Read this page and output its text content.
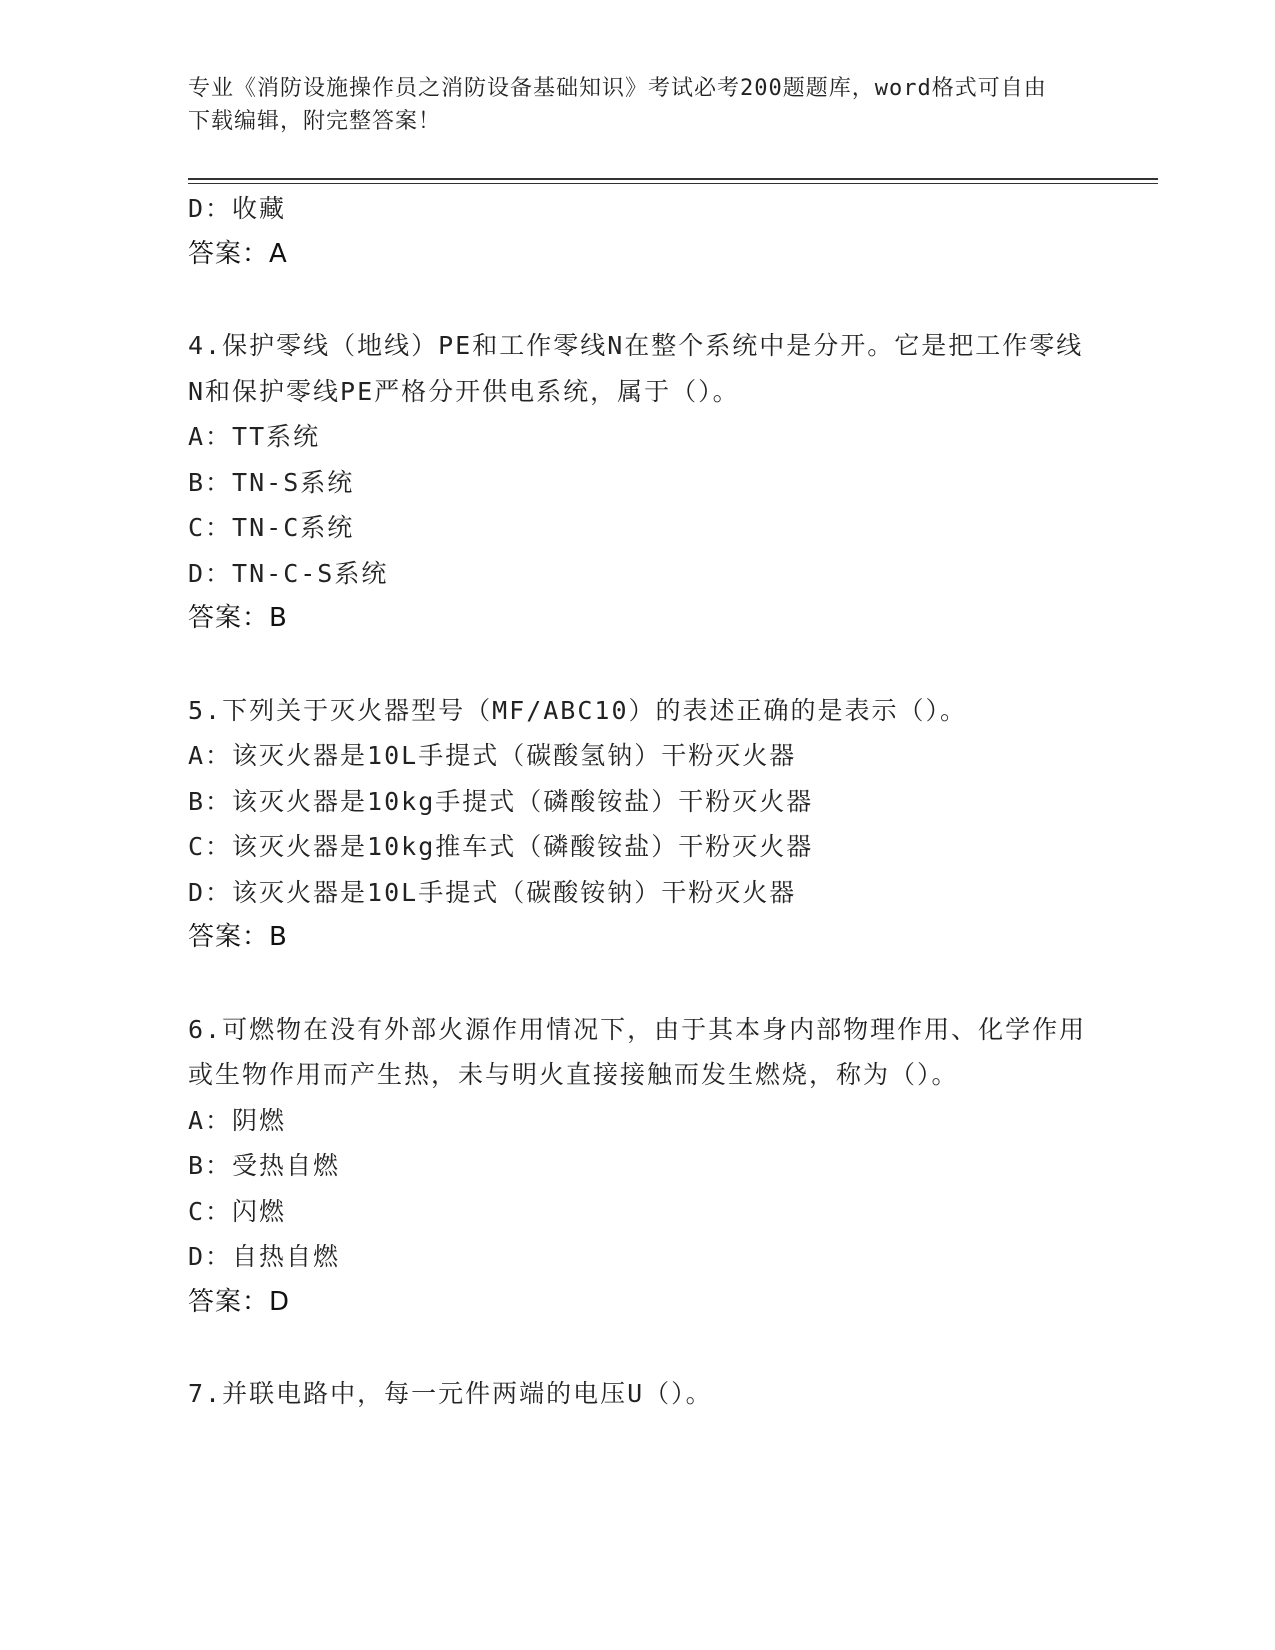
专业《消防设施操作员之消防设备基础知识》考试必考200题题库，word格式可自由下载编辑，附完整答案！

D：收藏

答案：A

4.保护零线（地线）PE和工作零线N在整个系统中是分开。它是把工作零线N和保护零线PE严格分开供电系统，属于（）。

A：TT系统

B：TN-S系统

C：TN-C系统

D：TN-C-S系统

答案：B

5.下列关于灭火器型号（MF/ABC10）的表述正确的是表示（）。

A：该灭火器是10L手提式（碳酸氢钠）干粉灭火器

B：该灭火器是10kg手提式（磷酸铵盐）干粉灭火器

C：该灭火器是10kg推车式（磷酸铵盐）干粉灭火器

D：该灭火器是10L手提式（碳酸铵钠）干粉灭火器

答案：B

6.可燃物在没有外部火源作用情况下，由于其本身内部物理作用、化学作用或生物作用而产生热，未与明火直接接触而发生燃烧，称为（）。

A：阴燃

B：受热自燃

C：闪燃

D：自热自燃

答案：D

7.并联电路中，每一元件两端的电压U（）。
